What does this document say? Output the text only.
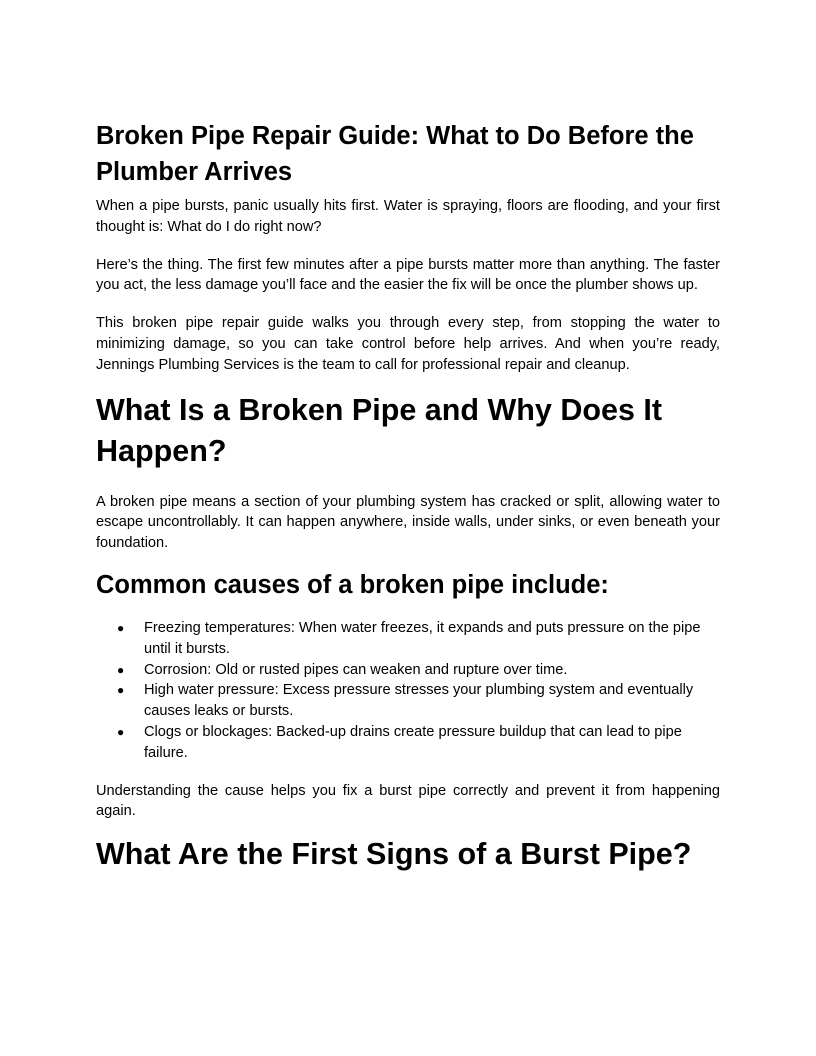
Broken Pipe Repair Guide: What to Do Before the Plumber Arrives

When a pipe bursts, panic usually hits first. Water is spraying, floors are flooding, and your first thought is: What do I do right now?

Here’s the thing. The first few minutes after a pipe bursts matter more than anything. The faster you act, the less damage you’ll face and the easier the fix will be once the plumber shows up.

This broken pipe repair guide walks you through every step, from stopping the water to minimizing damage, so you can take control before help arrives. And when you’re ready, Jennings Plumbing Services is the team to call for professional repair and cleanup.

What Is a Broken Pipe and Why Does It Happen?

A broken pipe means a section of your plumbing system has cracked or split, allowing water to escape uncontrollably. It can happen anywhere, inside walls, under sinks, or even beneath your foundation.

Common causes of a broken pipe include:
● Freezing temperatures: When water freezes, it expands and puts pressure on the pipe until it bursts.
● Corrosion: Old or rusted pipes can weaken and rupture over time.
● High water pressure: Excess pressure stresses your plumbing system and eventually causes leaks or bursts.
● Clogs or blockages: Backed-up drains create pressure buildup that can lead to pipe failure.

Understanding the cause helps you fix a burst pipe correctly and prevent it from happening again.

What Are the First Signs of a Burst Pipe?
